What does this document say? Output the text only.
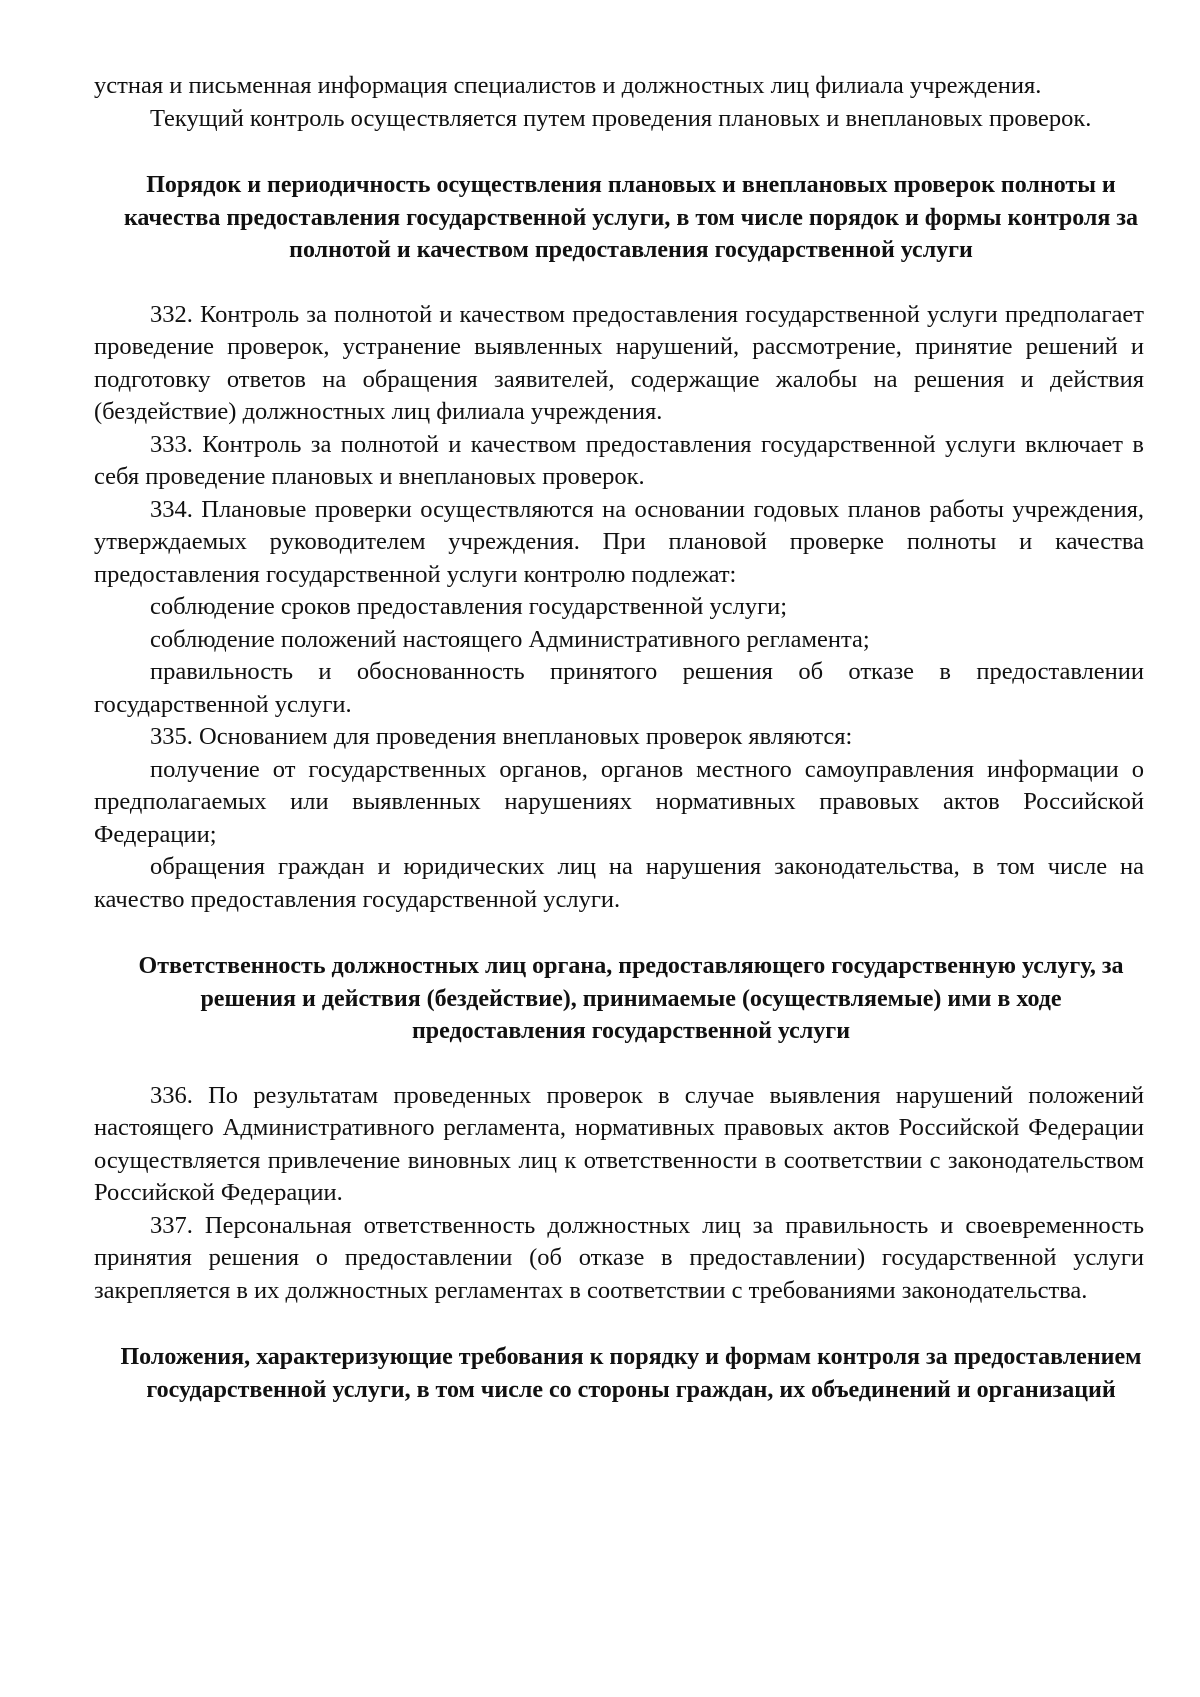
устная и письменная информация специалистов и должностных лиц филиала учреждения.

Текущий контроль осуществляется путем проведения плановых и внеплановых проверок.

Порядок и периодичность осуществления плановых и внеплановых проверок полноты и качества предоставления государственной услуги, в том числе порядок и формы контроля за полнотой и качеством предоставления государственной услуги

332. Контроль за полнотой и качеством предоставления государственной услуги предполагает проведение проверок, устранение выявленных нарушений, рассмотрение, принятие решений и подготовку ответов на обращения заявителей, содержащие жалобы на решения и действия (бездействие) должностных лиц филиала учреждения.

333. Контроль за полнотой и качеством предоставления государственной услуги включает в себя проведение плановых и внеплановых проверок.

334. Плановые проверки осуществляются на основании годовых планов работы учреждения, утверждаемых руководителем учреждения. При плановой проверке полноты и качества предоставления государственной услуги контролю подлежат:

соблюдение сроков предоставления государственной услуги;

соблюдение положений настоящего Административного регламента;

правильность и обоснованность принятого решения об отказе в предоставлении государственной услуги.

335. Основанием для проведения внеплановых проверок являются:

получение от государственных органов, органов местного самоуправления информации о предполагаемых или выявленных нарушениях нормативных правовых актов Российской Федерации;

обращения граждан и юридических лиц на нарушения законодательства, в том числе на качество предоставления государственной услуги.

Ответственность должностных лиц органа, предоставляющего государственную услугу, за решения и действия (бездействие), принимаемые (осуществляемые) ими в ходе предоставления государственной услуги

336. По результатам проведенных проверок в случае выявления нарушений положений настоящего Административного регламента, нормативных правовых актов Российской Федерации осуществляется привлечение виновных лиц к ответственности в соответствии с законодательством Российской Федерации.

337. Персональная ответственность должностных лиц за правильность и своевременность принятия решения о предоставлении (об отказе в предоставлении) государственной услуги закрепляется в их должностных регламентах в соответствии с требованиями законодательства.

Положения, характеризующие требования к порядку и формам контроля за предоставлением государственной услуги, в том числе со стороны граждан, их объединений и организаций
